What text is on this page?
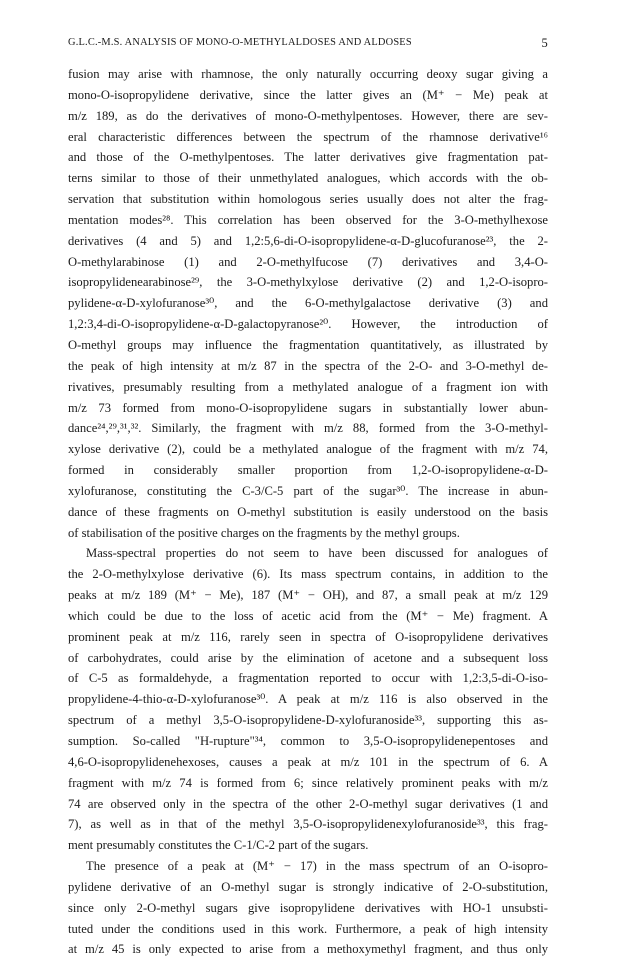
G.L.C.-M.S. ANALYSIS OF MONO-O-METHYLALDOSES AND ALDOSES	5
fusion may arise with rhamnose, the only naturally occurring deoxy sugar giving a
mono-O-isopropylidene derivative, since the latter gives an (M⁺ − Me) peak at
m/z 189, as do the derivatives of mono-O-methylpentoses. However, there are sev-
eral characteristic differences between the spectrum of the rhamnose derivative¹⁶
and those of the O-methylpentoses. The latter derivatives give fragmentation pat-
terns similar to those of their unmethylated analogues, which accords with the ob-
servation that substitution within homologous series usually does not alter the frag-
mentation modes²⁸. This correlation has been observed for the 3-O-methylhexose
derivatives (4 and 5) and 1,2:5,6-di-O-isopropylidene-α-D-glucofuranose²³, the 2-
O-methylarabinose (1) and 2-O-methylfucose (7) derivatives and 3,4-O-
isopropylidenearabinose²⁹, the 3-O-methylxylose derivative (2) and 1,2-O-isopro-
pylidene-α-D-xylofuranose³⁰, and the 6-O-methylgalactose derivative (3) and
1,2:3,4-di-O-isopropylidene-α-D-galactopyranose²⁰. However, the introduction of
O-methyl groups may influence the fragmentation quantitatively, as illustrated by
the peak of high intensity at m/z 87 in the spectra of the 2-O- and 3-O-methyl de-
rivatives, presumably resulting from a methylated analogue of a fragment ion with
m/z 73 formed from mono-O-isopropylidene sugars in substantially lower abun-
dance²⁴,²⁹,³¹,³². Similarly, the fragment with m/z 88, formed from the 3-O-methyl-
xylose derivative (2), could be a methylated analogue of the fragment with m/z 74,
formed in considerably smaller proportion from 1,2-O-isopropylidene-α-D-
xylofuranose, constituting the C-3/C-5 part of the sugar³⁰. The increase in abun-
dance of these fragments on O-methyl substitution is easily understood on the basis
of stabilisation of the positive charges on the fragments by the methyl groups.
Mass-spectral properties do not seem to have been discussed for analogues of
the 2-O-methylxylose derivative (6). Its mass spectrum contains, in addition to the
peaks at m/z 189 (M⁺ − Me), 187 (M⁺ − OH), and 87, a small peak at m/z 129
which could be due to the loss of acetic acid from the (M⁺ − Me) fragment. A
prominent peak at m/z 116, rarely seen in spectra of O-isopropylidene derivatives
of carbohydrates, could arise by the elimination of acetone and a subsequent loss
of C-5 as formaldehyde, a fragmentation reported to occur with 1,2:3,5-di-O-iso-
propylidene-4-thio-α-D-xylofuranose³⁰. A peak at m/z 116 is also observed in the
spectrum of a methyl 3,5-O-isopropylidene-D-xylofuranoside³³, supporting this as-
sumption. So-called "H-rupture"³⁴, common to 3,5-O-isopropylidenepentoses and
4,6-O-isopropylidenehexoses, causes a peak at m/z 101 in the spectrum of 6. A
fragment with m/z 74 is formed from 6; since relatively prominent peaks with m/z
74 are observed only in the spectra of the other 2-O-methyl sugar derivatives (1 and
7), as well as in that of the methyl 3,5-O-isopropylidenexylofuranoside³³, this frag-
ment presumably constitutes the C-1/C-2 part of the sugars.
The presence of a peak at (M⁺ − 17) in the mass spectrum of an O-isopro-
pylidene derivative of an O-methyl sugar is strongly indicative of 2-O-substitution,
since only 2-O-methyl sugars give isopropylidene derivatives with HO-1 unsubsti-
tuted under the conditions used in this work. Furthermore, a peak of high intensity
at m/z 45 is only expected to arise from a methoxymethyl fragment, and thus only
